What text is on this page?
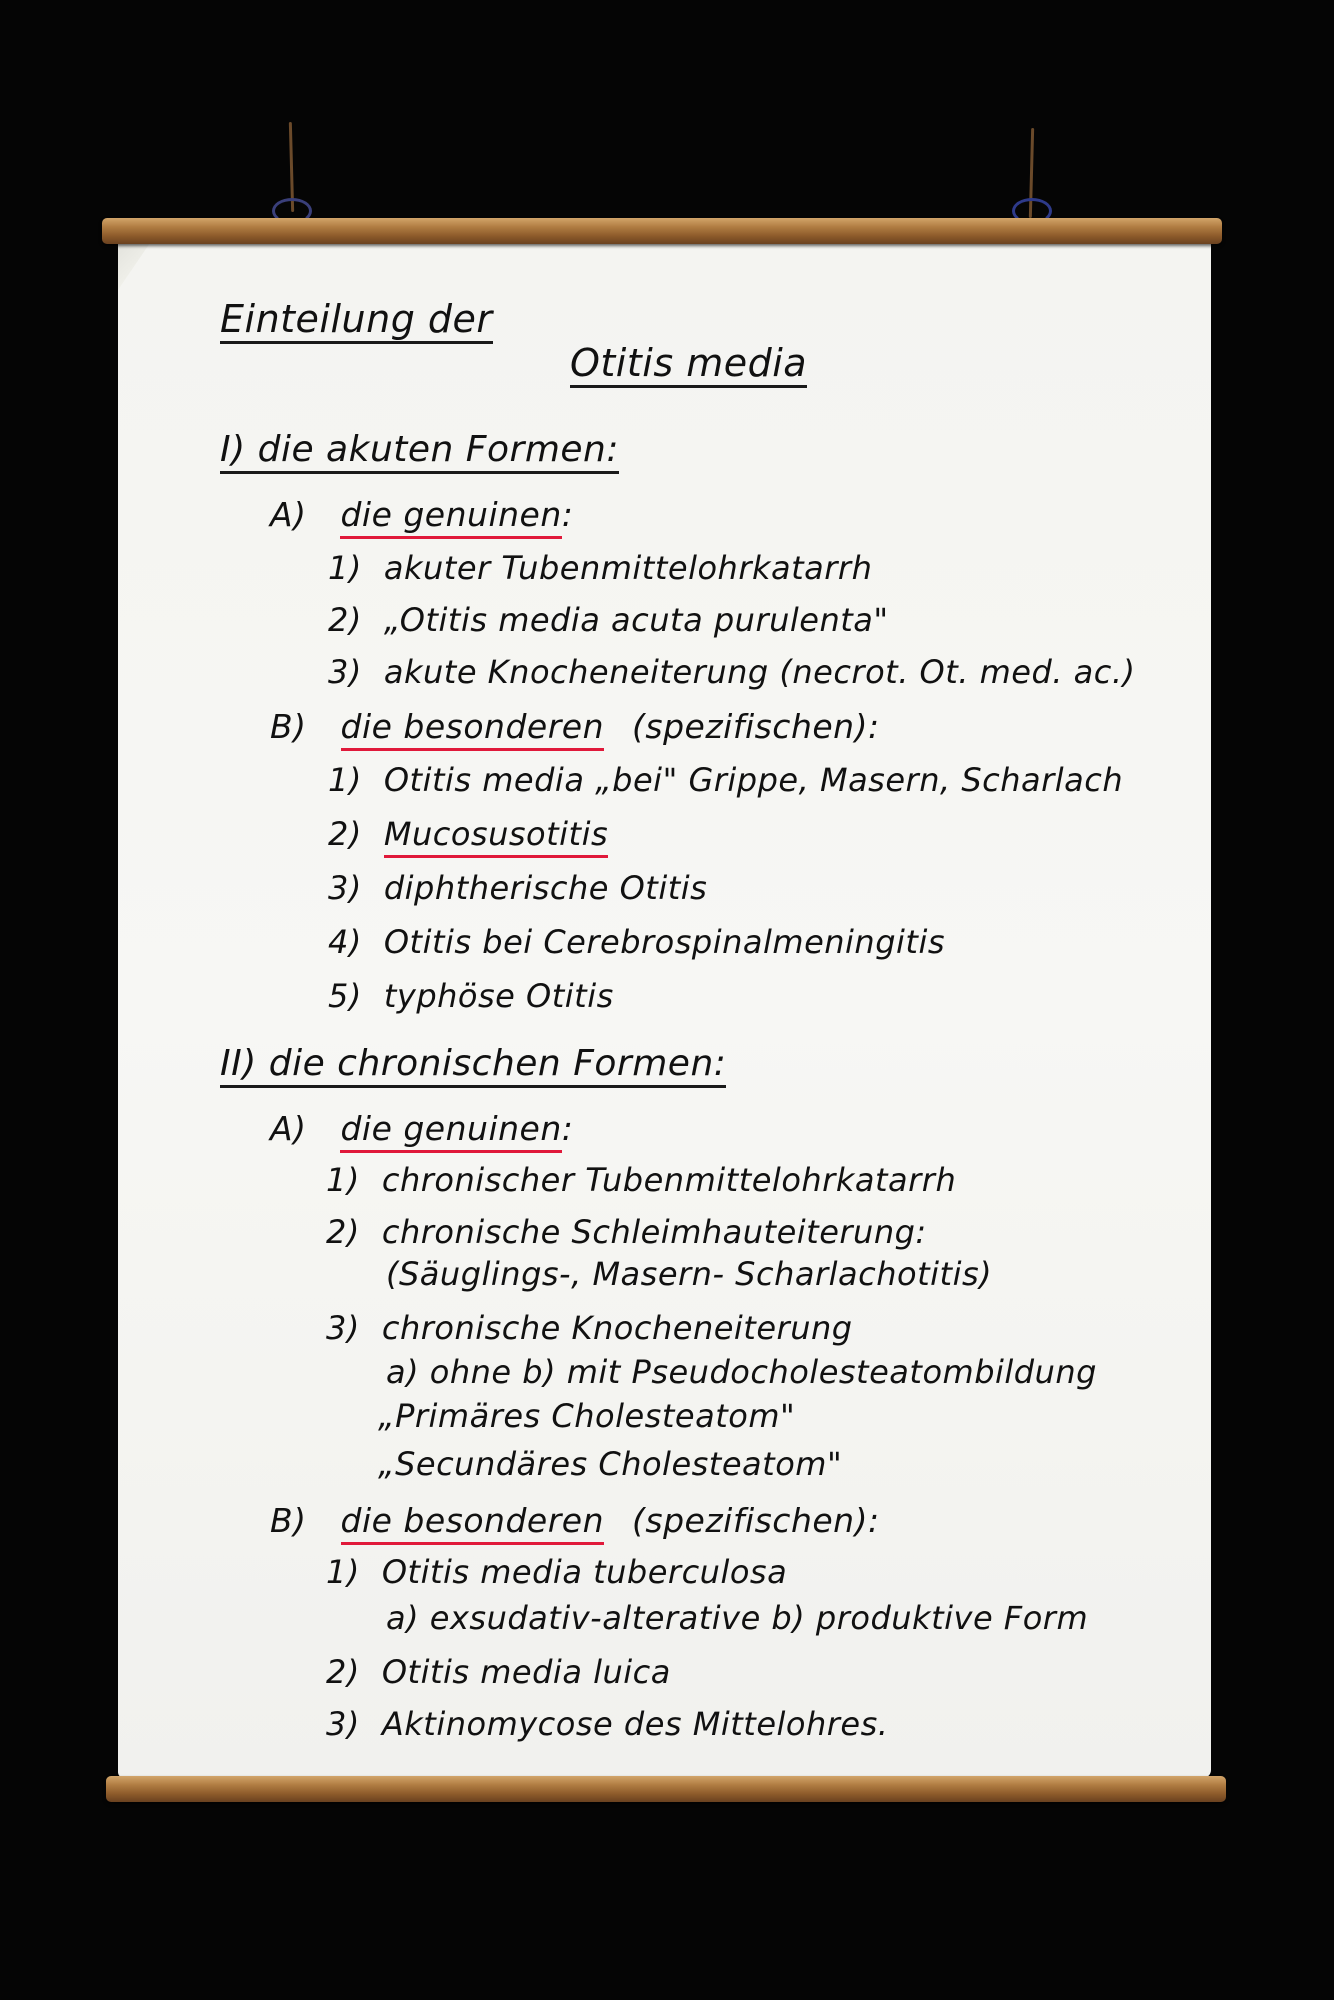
Einteilung der
Otitis media
I) die akuten Formen:
A) die genuinen:
1) akuter Tubenmittelohrkatarrh
2) „Otitis media acuta purulenta"
3) akute Knocheneiterung (necrot. Ot. med. ac.)
B) die besonderen (spezifischen):
1) Otitis media „bei" Grippe, Masern, Scharlach
2) Mucosusotitis
3) diphtherische Otitis
4) Otitis bei Cerebrospinalmeningitis
5) typhöse Otitis
II) die chronischen Formen:
A) die genuinen:
1) chronischer Tubenmittelohrkatarrh
2) chronische Schleimhauteiterung:
(Säuglings-, Masern- Scharlachotitis)
3) chronische Knocheneiterung
a) ohne b) mit Pseudocholesteatombildung
„Primäres Cholesteatom"
„Secundäres Cholesteatom"
B) die besonderen (spezifischen):
1) Otitis media tuberculosa
a) exsudativ-alterative b) produktive Form
2) Otitis media luica
3) Aktinomycose des Mittelohres.
